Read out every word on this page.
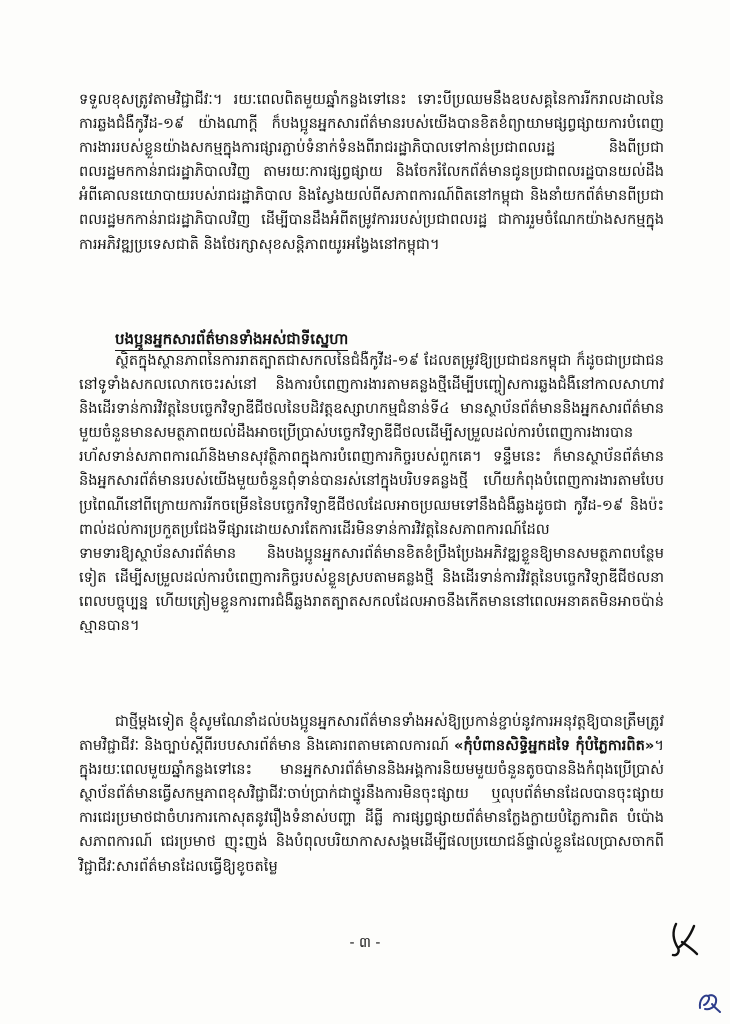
ទទួលខុសត្រូវតាមវិជ្ជាជីវៈ។ រយៈពេលពិតមួយឆ្នាំកន្លងទៅនេះ ទោះបីប្រឈមនឹងឧបសគ្គនៃការរីករាលដាលនៃការឆ្លងជំងឺកូវីដ-១៩ យ៉ាងណាក្ដី ក៏បងប្អូនអ្នកសារព័ត៌មានរបស់យើងបានខិតខំព្យាយាមផ្សព្វផ្សាយការបំពេញការងាររបស់ខ្លួនយ៉ាងសកម្មក្នុងការផ្សារភ្ជាប់ទំនាក់ទំនងពីរាជរដ្ឋាភិបាលទៅកាន់ប្រជាពលរដ្ឋ និងពីប្រជាពលរដ្ឋមកកាន់រាជរដ្ឋាភិបាលវិញ តាមរយៈការផ្សព្វផ្សាយ និងចែករំលែកព័ត៌មានជូនប្រជាពលរដ្ឋបានយល់ដឹងអំពីគោលនយោបាយរបស់រាជរដ្ឋាភិបាល និងស្វែងយល់ពីសភាពការណ៍ពិតនៅកម្ពុជា និងនាំយកព័ត៌មានពីប្រជាពលរដ្ឋមកកាន់រាជរដ្ឋាភិបាលវិញ ដើម្បីបានដឹងអំពីតម្រូវការរបស់ប្រជាពលរដ្ឋ ជាការរួមចំណែកយ៉ាងសកម្មក្នុងការអភិវឌ្ឍប្រទេសជាតិ និងថែរក្សាសុខសន្តិភាពយូរអង្វែងនៅកម្ពុជា។

បងប្អូនអ្នកសារព័ត៌មានទាំងអស់ជាទីស្នេហា

ស្ថិតក្នុងស្ថានភាពនៃការរាតត្បាតជាសកលនៃជំងឺកូវីដ-១៩ ដែលតម្រូវឱ្យប្រជាជនកម្ពុជា ក៏ដូចជាប្រជាជននៅទូទាំងសកលលោកចេះរស់នៅ និងការបំពេញការងារតាមគន្លងថ្មីដើម្បីបញ្ចៀសការឆ្លងជំងឺនៅកាលសាហាវ និងដើរទាន់ការវិវត្តនៃបច្ចេកវិទ្យាឌីជីថលនៃបដិវត្តឧស្សាហកម្មជំនាន់ទី៤ មានស្ថាប័នព័ត៌មាននិងអ្នកសារព័ត៌មានមួយចំនួនមានសមត្ថភាពយល់ដឹងអាចប្រើប្រាស់បច្ចេកវិទ្យាឌីជីថលដើម្បីសម្រួលដល់ការបំពេញការងារបានរហ័សទាន់សភាពការណ៍និងមានសុវត្ថិភាពក្នុងការបំពេញការកិច្ចរបស់ពួកគេ។ ទន្ទឹមនេះ ក៏មានស្ថាប័នព័ត៌មាននិងអ្នកសារព័ត៌មានរបស់យើងមួយចំនួនពុំទាន់បានរស់នៅក្នុងបរិបទគន្លងថ្មី ហើយកំពុងបំពេញការងារតាមបែបប្រពៃណីនៅពីក្រោយការរីកចម្រើននៃបច្ចេកវិទ្យាឌីជីថលដែលអាចប្រឈមទៅនឹងជំងឺឆ្លងដូចជា កូវីដ-១៩ និងប៉ះពាល់ដល់ការប្រកួតប្រជែងទីផ្សារដោយសារតែការដើរមិនទាន់ការវិវត្តនៃសភាពការណ៍ដែលទាមទារឱ្យស្ថាប័នសារព័ត៌មាន និងបងប្អូនអ្នកសារព័ត៌មានខិតខំប្រឹងប្រែងអភិវឌ្ឍខ្លួនឱ្យមានសមត្ថភាពបន្ថែមទៀត ដើម្បីសម្រួលដល់ការបំពេញការកិច្ចរបស់ខ្លួនស្របតាមគន្លងថ្មី និងដើរទាន់ការវិវត្តនៃបច្ចេកវិទ្យាឌីជីថលនាពេលបច្ចុប្បន្ន ហើយត្រៀមខ្លួនការពារជំងឺឆ្លងរាតត្បាតសកលដែលអាចនឹងកើតមាននៅពេលអនាគតមិនអាចប៉ាន់ស្មានបាន។

ជាថ្មីម្ដងទៀត ខ្ញុំសូមណែនាំដល់បងប្អូនអ្នកសារព័ត៌មានទាំងអស់ឱ្យប្រកាន់ខ្ជាប់នូវការអនុវត្តឱ្យបានត្រឹមត្រូវតាមវិជ្ជាជីវៈ និងច្បាប់ស្ដីពីរបបសារព័ត៌មាន និងគោរពតាមគោលការណ៍ «កុំបំពានសិទ្ធិអ្នកដទៃ កុំបំភ្លៃការពិត»។ ក្នុងរយៈពេលមួយឆ្នាំកន្លងទៅនេះ មានអ្នកសារព័ត៌មាននិងអង្គការនិយមមួយចំនួនតូចបាននិងកំពុងប្រើប្រាស់ស្ថាប័នព័ត៌មានធ្វើសកម្មភាពខុសវិជ្ជាជីវៈចាប់ប្រាក់ជាថ្នូរនឹងការមិនចុះផ្សាយ ឬលុបព័ត៌មានដែលបានចុះផ្សាយ ការជេរប្រមាថជាចំហរការកោសុតនូវរឿងទំនាស់បញ្ហា ដីធ្លី ការផ្សព្វផ្សាយព័ត៌មានក្លែងក្លាយបំភ្លៃការពិត បំប៉ោងសភាពការណ៍ ជេរប្រមាថ ញុះញង់ និងបំពុលបរិយាកាសសង្គមដើម្បីផលប្រយោជន៍ផ្ទាល់ខ្លួនដែលប្រាសចាកពីវិជ្ជាជីវៈសារព័ត៌មានដែលធ្វើឱ្យខូចតម្លៃ

- ៣ -
